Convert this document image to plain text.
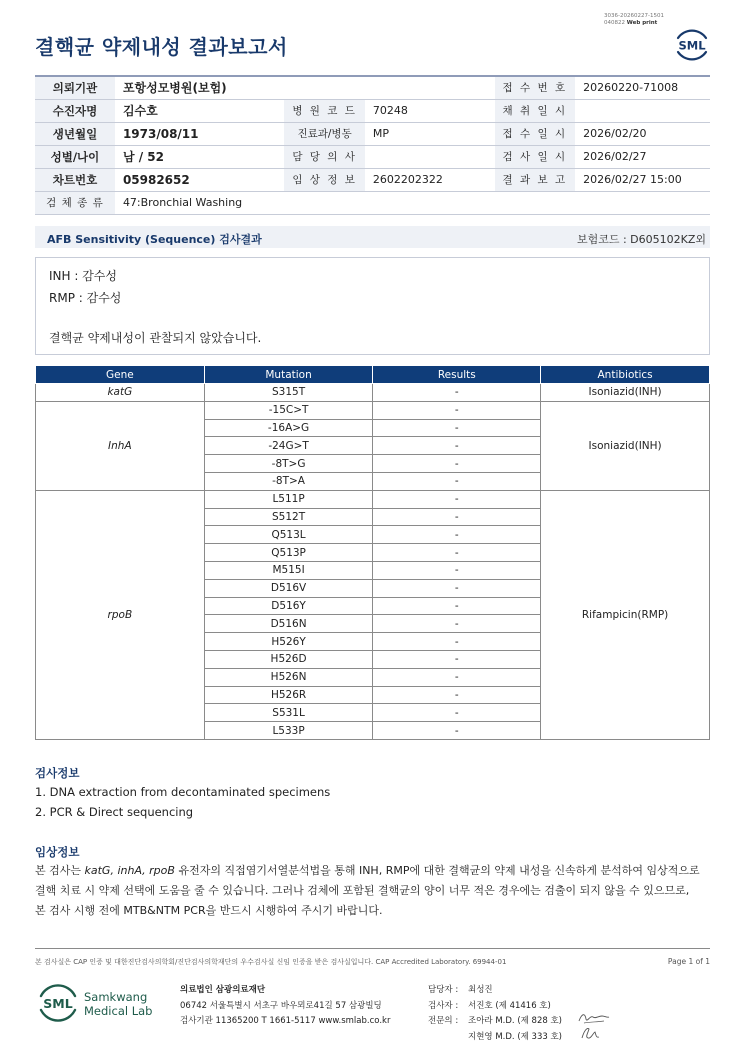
3036-20260227-1501
040822 Web print
결핵균 약제내성 결과보고서	SML
의뢰기관	포항성모병원(보험)			접 수 번 호	20260220-71008
수진자명	김수호	병 원 코 드	70248	채 취 일 시	
생년월일	1973/08/11	진료과/병동	MP	접 수 일 시	2026/02/20
성별/나이	남 / 52	담 당 의 사		검 사 일 시	2026/02/27
차트번호	05982652	임 상 정 보	2602202322	결 과 보 고	2026/02/27 15:00
검 체 종 류	47:Bronchial Washing				
AFB Sensitivity (Sequence) 검사결과	보험코드 : D605102KZ외
INH : 감수성
RMP : 감수성
결핵균 약제내성이 관찰되지 않았습니다.
Gene	Mutation	Results	Antibiotics
katG	S315T	-	Isoniazid(INH)
InhA	-15C>T	-	Isoniazid(INH)
	-16A>G	-	
	-24G>T	-	
	-8T>G	-	
	-8T>A	-	
rpoB	L511P	-	Rifampicin(RMP)
	S512T	-	
	Q513L	-	
	Q513P	-	
	M515I	-	
	D516V	-	
	D516Y	-	
	D516N	-	
	H526Y	-	
	H526D	-	
	H526N	-	
	H526R	-	
	S531L	-	
	L533P	-	
검사정보
1. DNA extraction from decontaminated specimens
2. PCR & Direct sequencing
임상정보
본 검사는 katG, inhA, rpoB 유전자의 직접염기서열분석법을 통해 INH, RMP에 대한 결핵균의 약제 내성을 신속하게 분석하여 임상적으로
결핵 치료 시 약제 선택에 도움을 줄 수 있습니다. 그러나 검체에 포함된 결핵균의 양이 너무 적은 경우에는 검출이 되지 않을 수 있으므로,
본 검사 시행 전에 MTB&NTM PCR을 반드시 시행하여 주시기 바랍니다.
본 검사실은 CAP 인증 및 대한진단검사의학회/진단검사의학재단의 우수검사실 신임 인증을 받은 검사실입니다. CAP Accredited Laboratory. 69944-01	Page 1 of 1
SML Samkwang
Medical Lab
의료법인 삼광의료재단
06742 서울특별시 서초구 바우뫼로41길 57 삼광빌딩
검사기관 11365200 T 1661-5117 www.smlab.co.kr
담당자 : 최성진
검사자 : 서진호 (제 41416 호)
전문의 : 조아라 M.D. (제 828 호)
지현영 M.D. (제 333 호)
